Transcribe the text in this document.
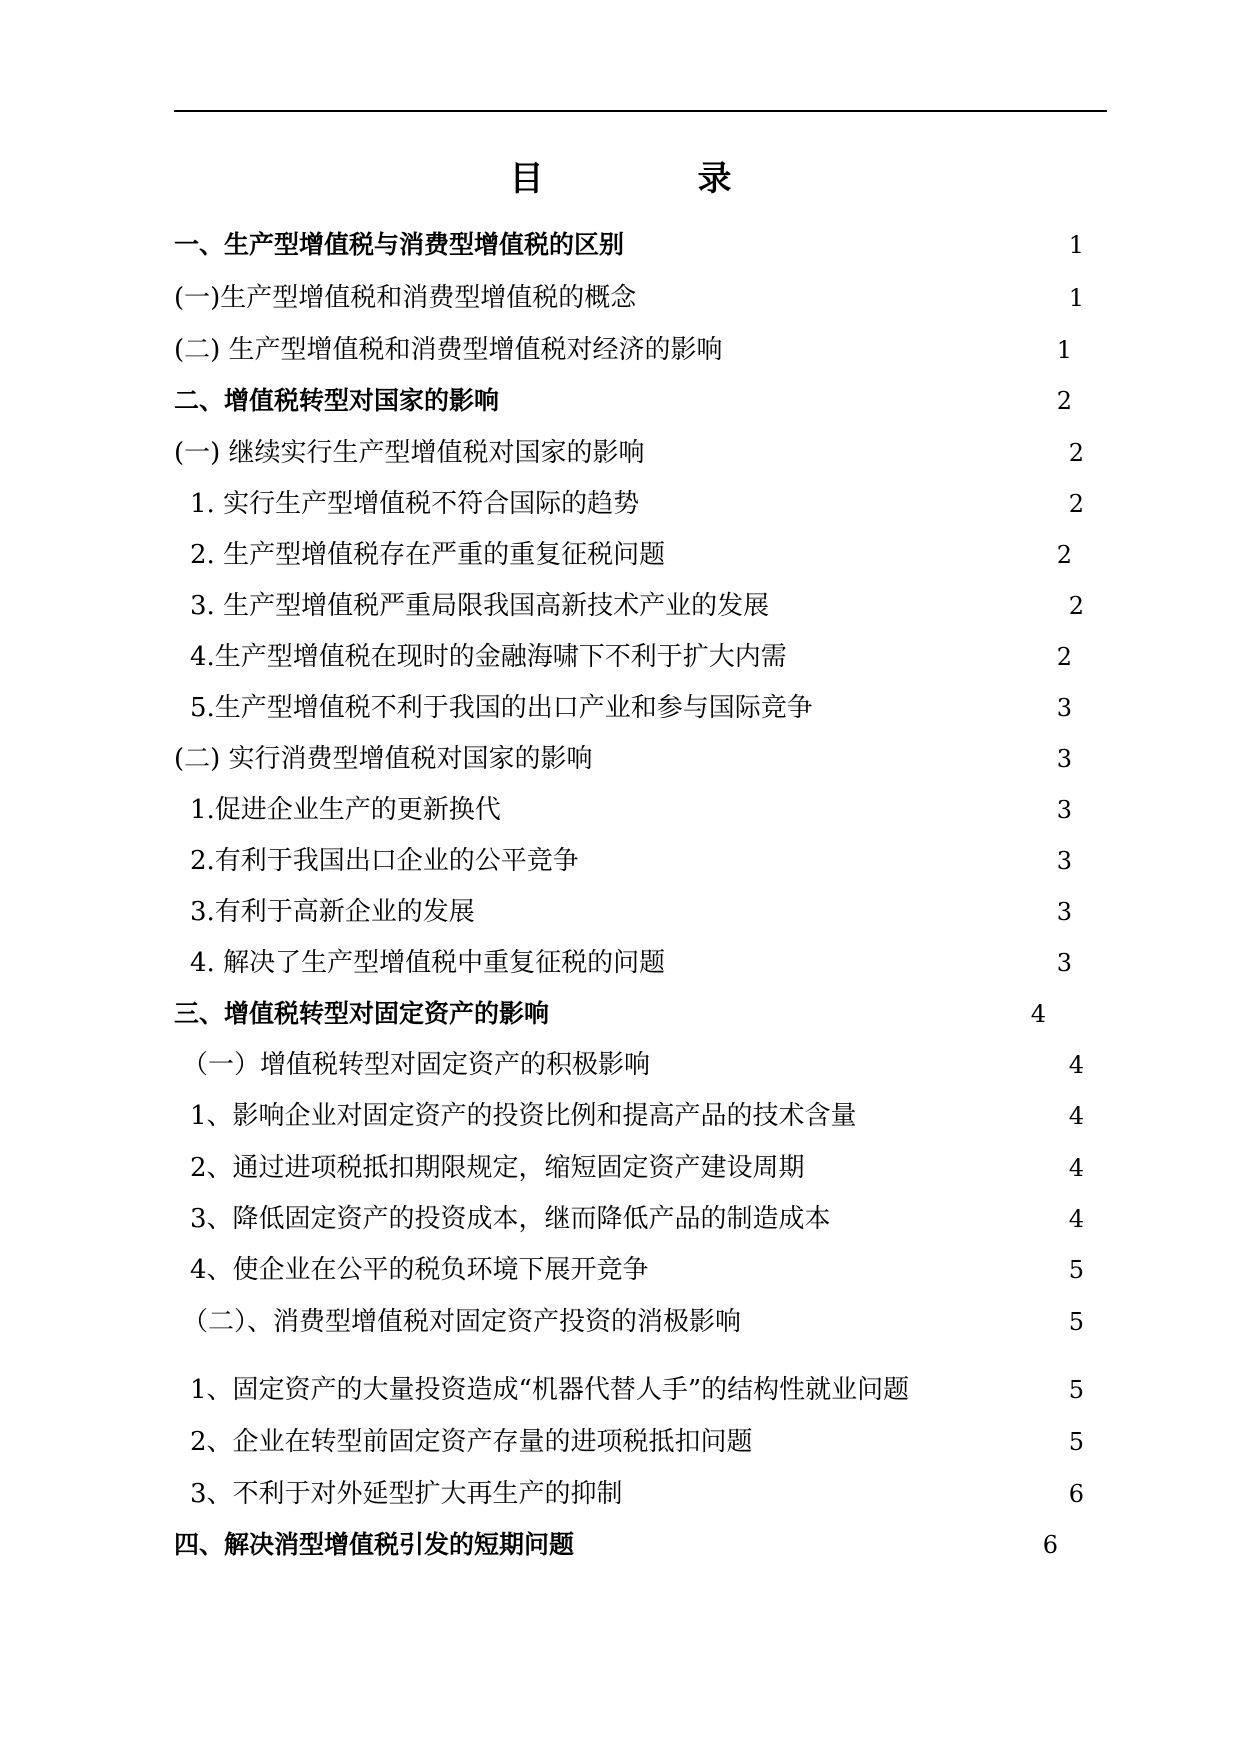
目　录
一、生产型增值税与消费型增值税的区别	1
(一)生产型增值税和消费型增值税的概念	1
(二) 生产型增值税和消费型增值税对经济的影响	1
二、增值税转型对国家的影响	2
(一) 继续实行生产型增值税对国家的影响	2
1. 实行生产型增值税不符合国际的趋势	2
2. 生产型增值税存在严重的重复征税问题	2
3. 生产型增值税严重局限我国高新技术产业的发展	2
4.生产型增值税在现时的金融海啸下不利于扩大内需	2
5.生产型增值税不利于我国的出口产业和参与国际竞争	3
(二) 实行消费型增值税对国家的影响	3
1.促进企业生产的更新换代	3
2.有利于我国出口企业的公平竞争	3
3.有利于高新企业的发展	3
4. 解决了生产型增值税中重复征税的问题	3
三、增值税转型对固定资产的影响	4
（一）增值税转型对固定资产的积极影响	4
1、影响企业对固定资产的投资比例和提高产品的技术含量	4
2、通过进项税抵扣期限规定，缩短固定资产建设周期	4
3、降低固定资产的投资成本，继而降低产品的制造成本	4
4、使企业在公平的税负环境下展开竞争	5
（二）、消费型增值税对固定资产投资的消极影响	5
1、固定资产的大量投资造成“机器代替人手”的结构性就业问题	5
2、企业在转型前固定资产存量的进项税抵扣问题	5
3、不利于对外延型扩大再生产的抑制	6
四、解决消型增值税引发的短期问题	6
